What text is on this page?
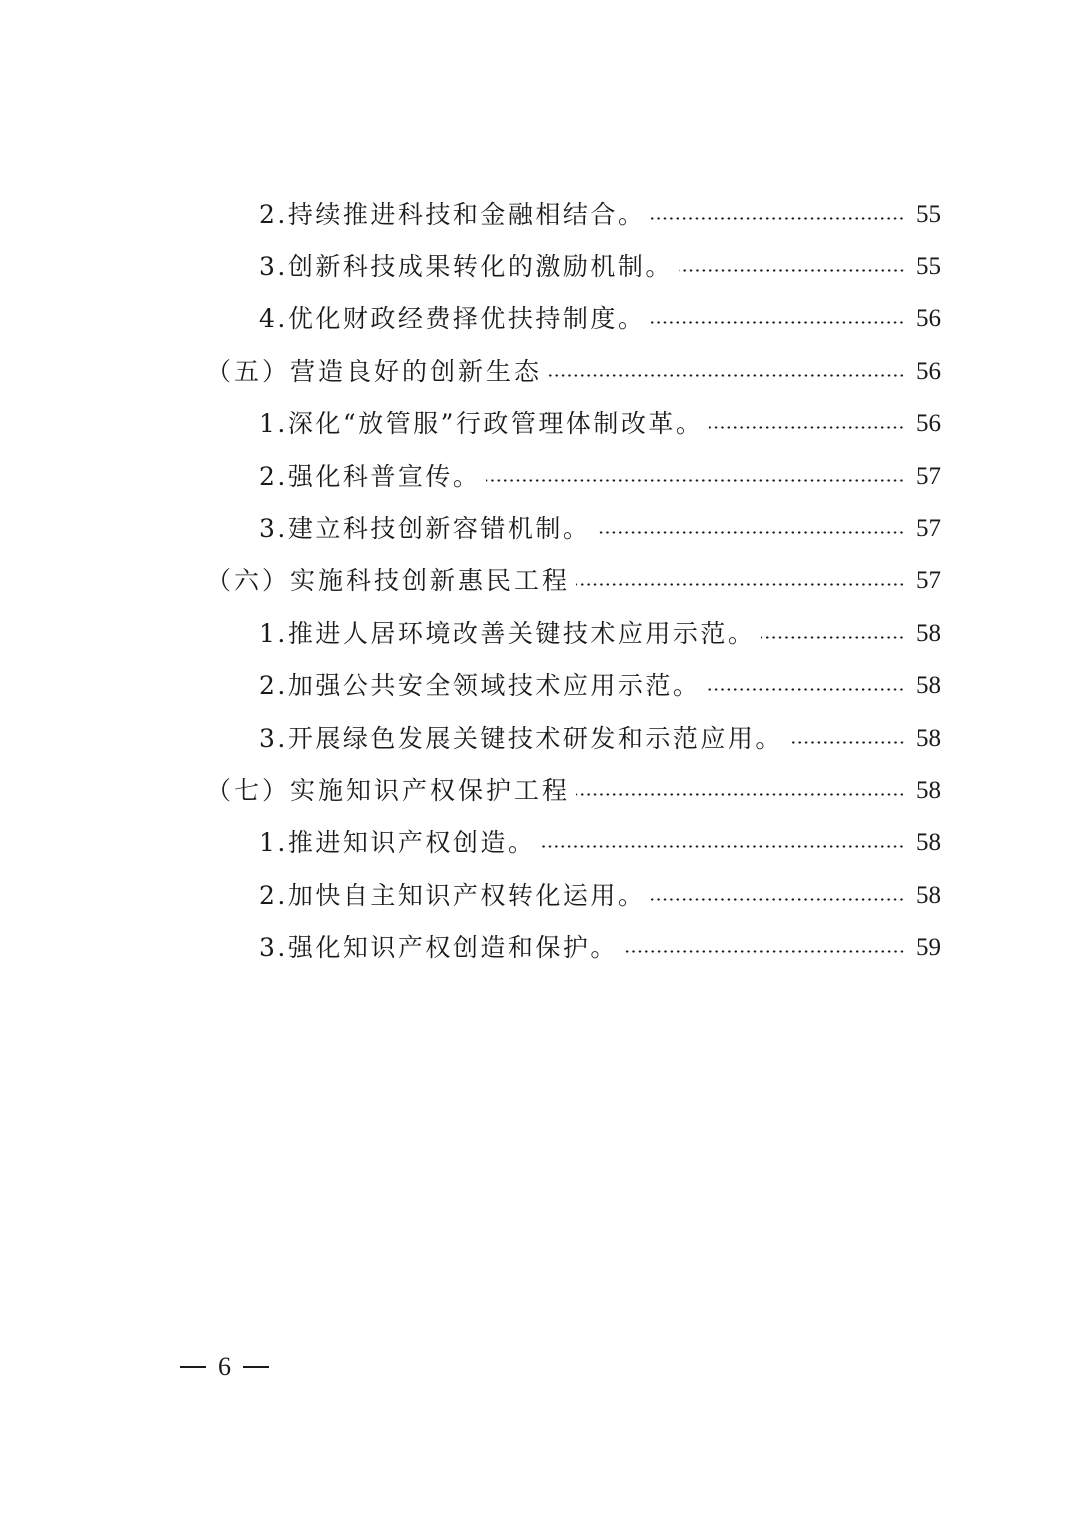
2.持续推进科技和金融相结合。	55
3.创新科技成果转化的激励机制。	55
4.优化财政经费择优扶持制度。	56
（五）营造良好的创新生态	56
1.深化“放管服”行政管理体制改革。	56
2.强化科普宣传。	57
3.建立科技创新容错机制。	57
（六）实施科技创新惠民工程	57
1.推进人居环境改善关键技术应用示范。	58
2.加强公共安全领域技术应用示范。	58
3.开展绿色发展关键技术研发和示范应用。	58
（七）实施知识产权保护工程	58
1.推进知识产权创造。	58
2.加快自主知识产权转化运用。	58
3.强化知识产权创造和保护。	59
6
